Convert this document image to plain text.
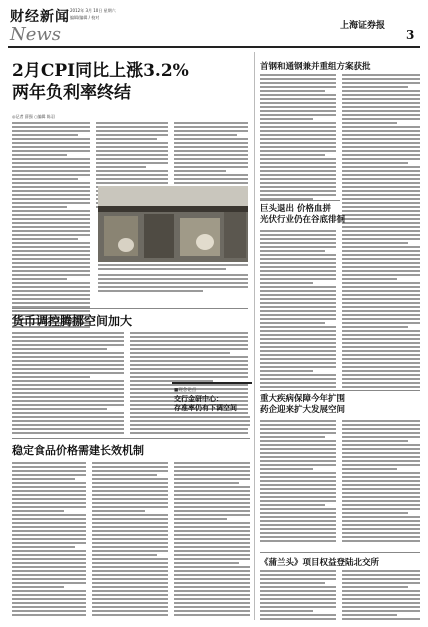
财经新闻 2012年 3月 10日 星期六
编辑/编辑 / 校对
News	上海证券报
3
2月CPI同比上涨3.2%
两年负利率终结
◎记者 薛强 ○编辑 陈羽
货币调控腾挪空间加大
稳定食品价格需建长效机制
首钢和通钢兼并重组方案获批
巨头退出 价格血拼
光伏行业仍在谷底徘徊
■观念论点
交行金研中心：
存准率仍有下调空间
重大疾病保障今年扩围
药企迎来扩大发展空间
《蒲兰头》项目权益登陆北交所
